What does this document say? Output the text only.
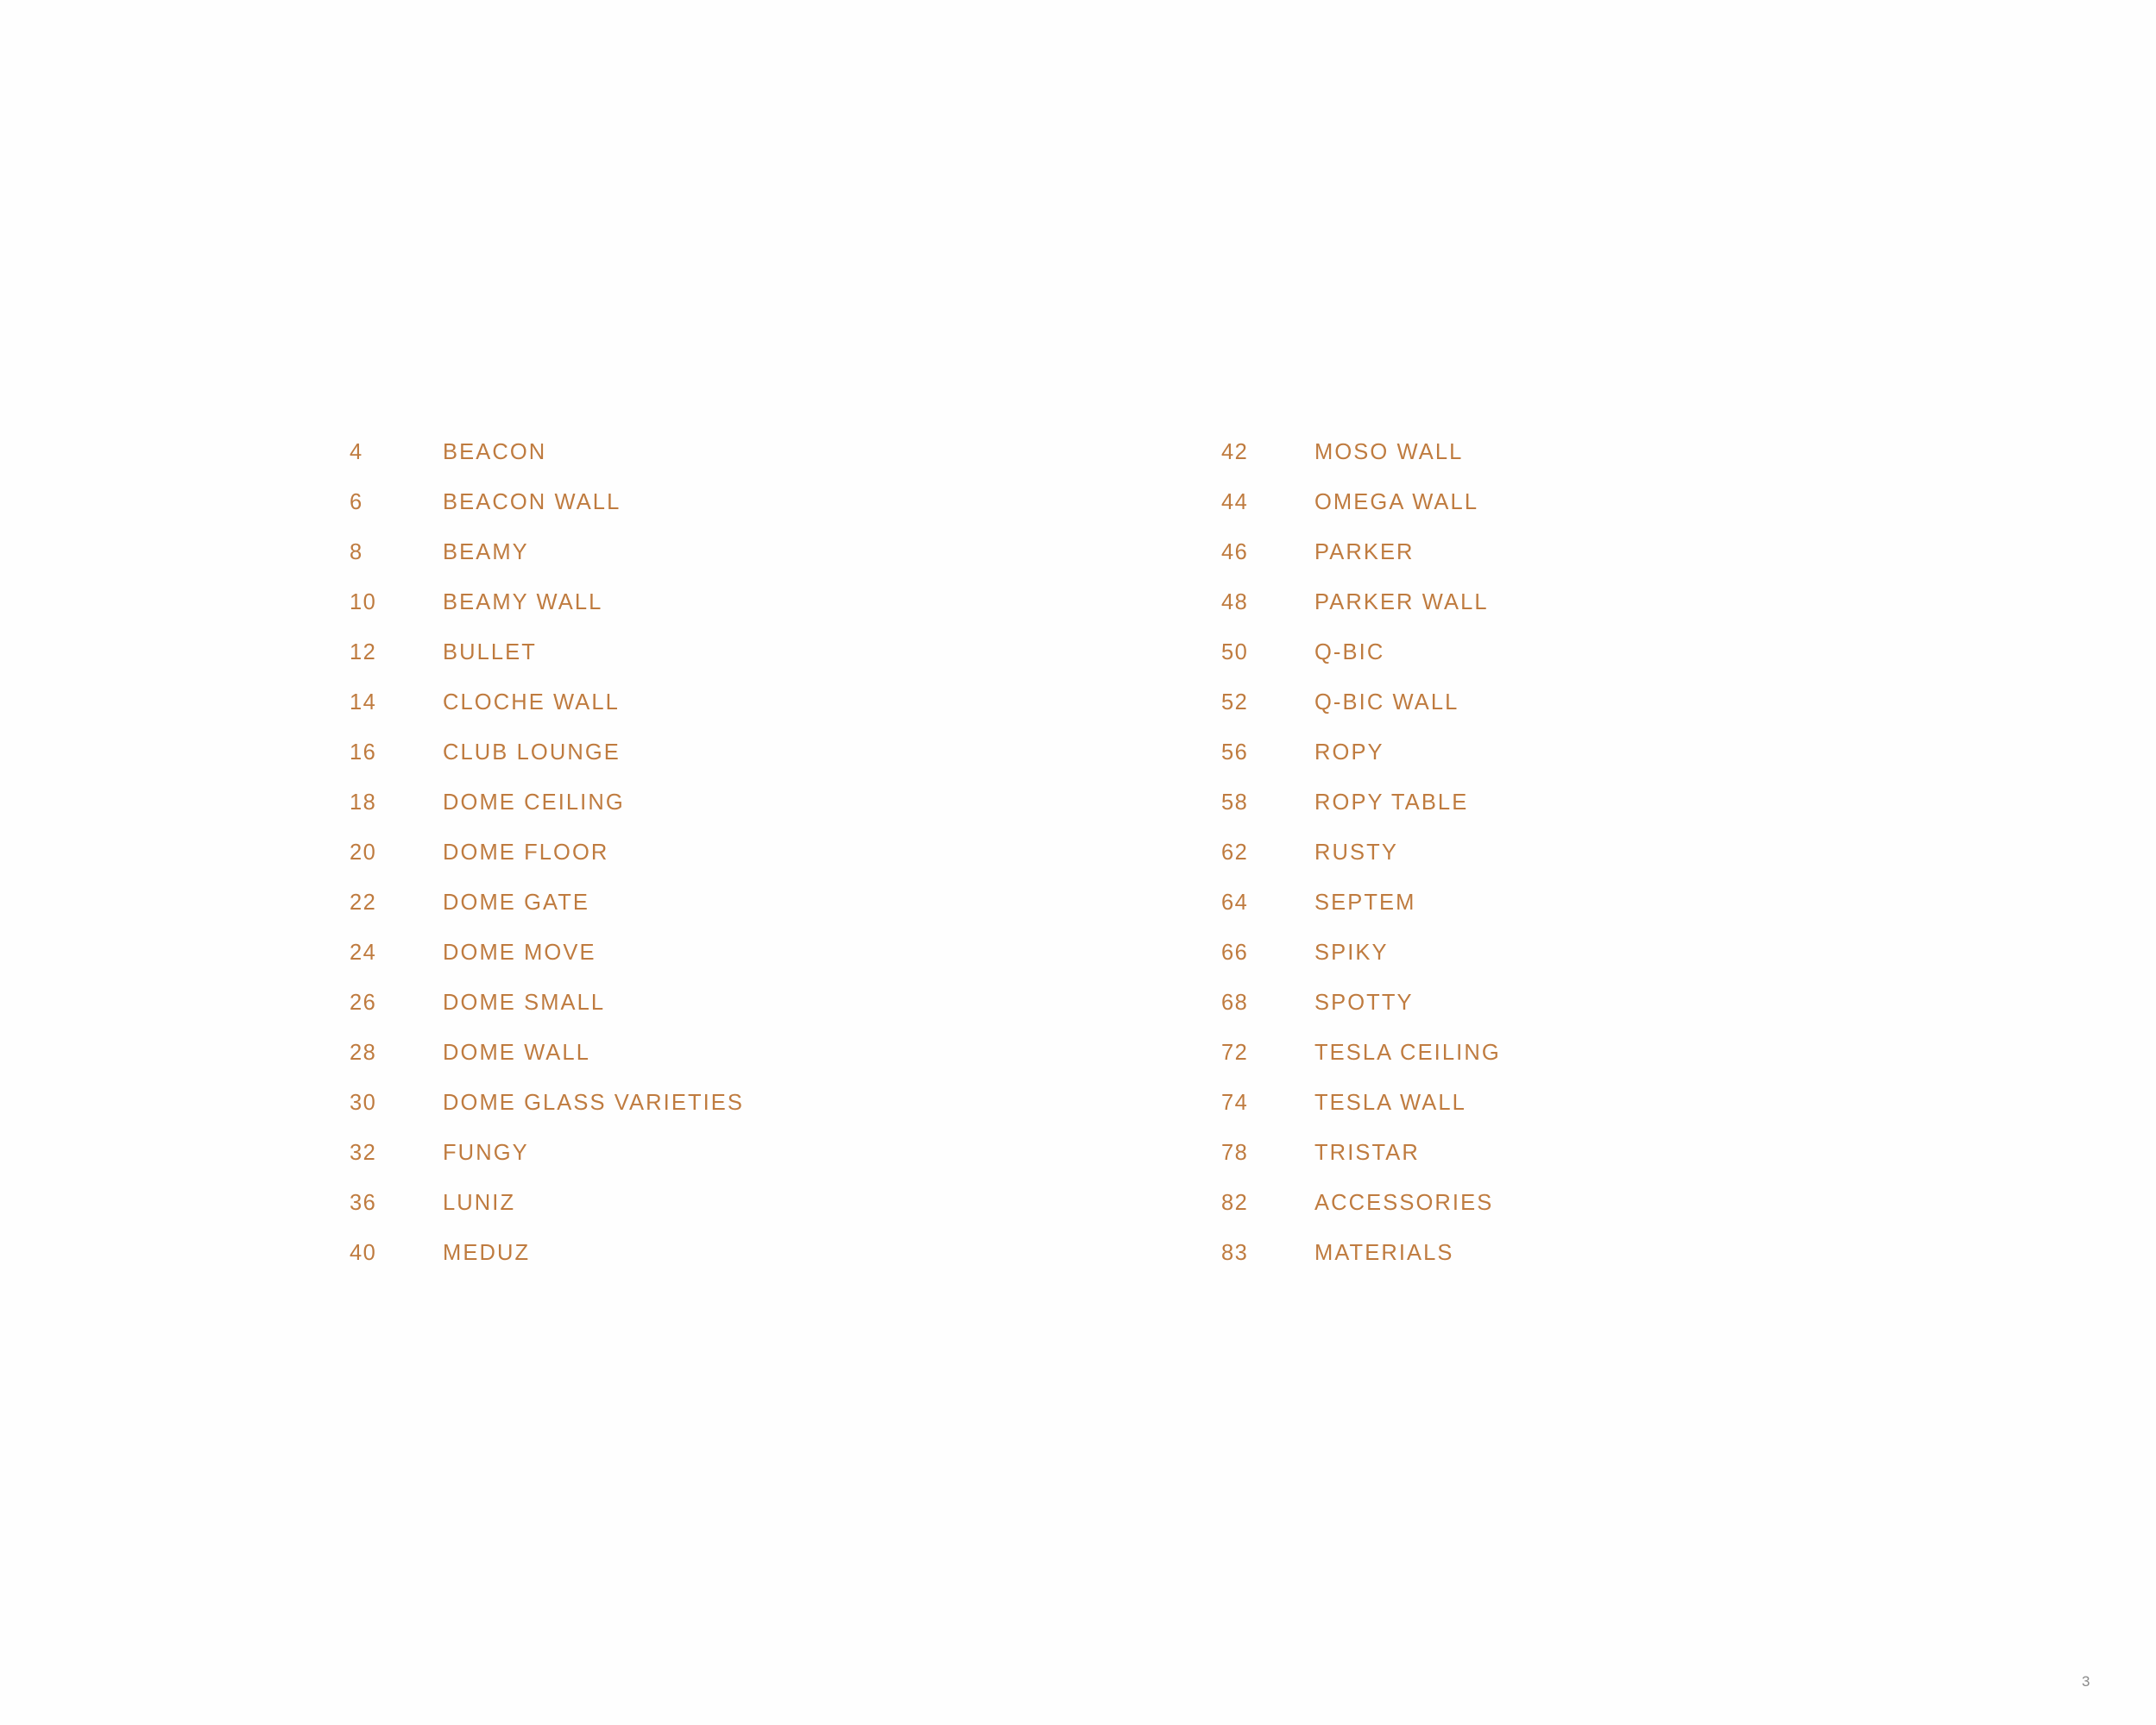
4	BEACON
6	BEACON WALL
8	BEAMY
10	BEAMY WALL
12	BULLET
14	CLOCHE WALL
16	CLUB LOUNGE
18	DOME CEILING
20	DOME FLOOR
22	DOME GATE
24	DOME MOVE
26	DOME SMALL
28	DOME WALL
30	DOME GLASS VARIETIES
32	FUNGY
36	LUNIZ
40	MEDUZ
42	MOSO WALL
44	OMEGA WALL
46	PARKER
48	PARKER WALL
50	Q-BIC
52	Q-BIC WALL
56	ROPY
58	ROPY TABLE
62	RUSTY
64	SEPTEM
66	SPIKY
68	SPOTTY
72	TESLA CEILING
74	TESLA WALL
78	TRISTAR
82	ACCESSORIES
83	MATERIALS
3
